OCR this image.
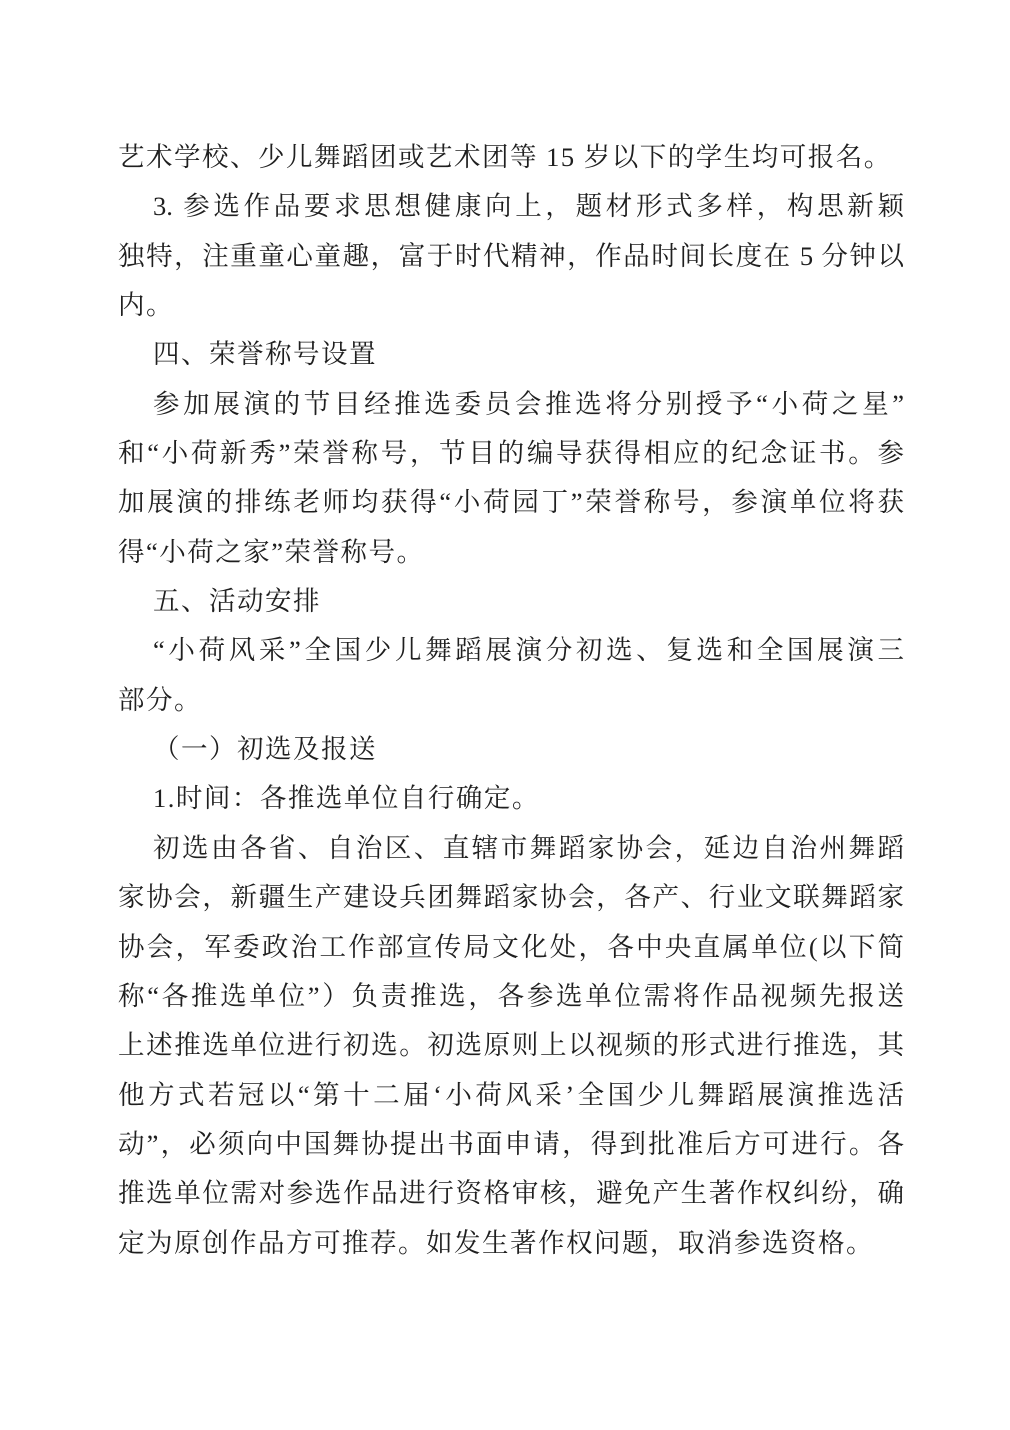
艺术学校、少儿舞蹈团或艺术团等 15 岁以下的学生均可报名。
3. 参选作品要求思想健康向上，题材形式多样，构思新颖
独特，注重童心童趣，富于时代精神，作品时间长度在 5 分钟以
内。
四、荣誉称号设置
参加展演的节目经推选委员会推选将分别授予“小荷之星”
和“小荷新秀”荣誉称号，节目的编导获得相应的纪念证书。参
加展演的排练老师均获得“小荷园丁”荣誉称号，参演单位将获
得“小荷之家”荣誉称号。
五、活动安排
“小荷风采”全国少儿舞蹈展演分初选、复选和全国展演三
部分。
（一）初选及报送
1.时间：各推选单位自行确定。
初选由各省、自治区、直辖市舞蹈家协会，延边自治州舞蹈
家协会，新疆生产建设兵团舞蹈家协会，各产、行业文联舞蹈家
协会，军委政治工作部宣传局文化处，各中央直属单位(以下简
称“各推选单位”）负责推选，各参选单位需将作品视频先报送
上述推选单位进行初选。初选原则上以视频的形式进行推选，其
他方式若冠以“第十二届‘小荷风采’全国少儿舞蹈展演推选活
动”，必须向中国舞协提出书面申请，得到批准后方可进行。各
推选单位需对参选作品进行资格审核，避免产生著作权纠纷，确
定为原创作品方可推荐。如发生著作权问题，取消参选资格。
